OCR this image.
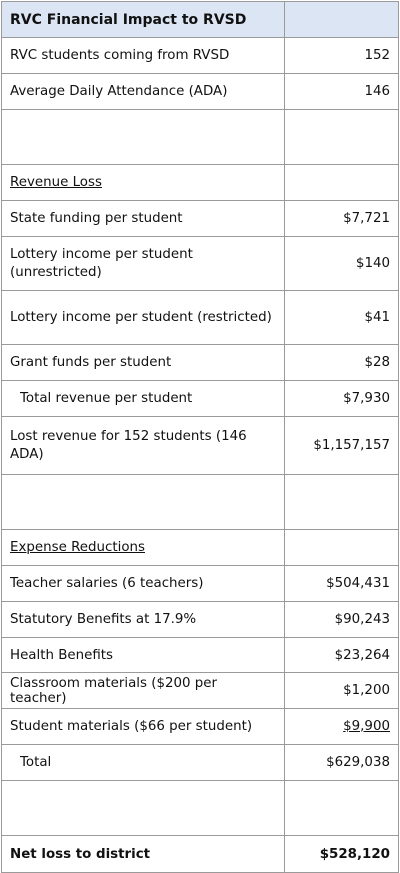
RVC Financial Impact to RVSD	
RVC students coming from RVSD	152
Average Daily Attendance (ADA)	146

Revenue Loss	
State funding per student	$7,721
Lottery income per student (unrestricted)	$140
Lottery income per student (restricted)	$41
Grant funds per student	$28
Total revenue per student	$7,930
Lost revenue for 152 students (146 ADA)	$1,157,157

Expense Reductions	
Teacher salaries (6 teachers)	$504,431
Statutory Benefits at 17.9%	$90,243
Health Benefits	$23,264
Classroom materials ($200 per teacher)	$1,200
Student materials ($66 per student)	$9,900
Total	$629,038

Net loss to district	$528,120
